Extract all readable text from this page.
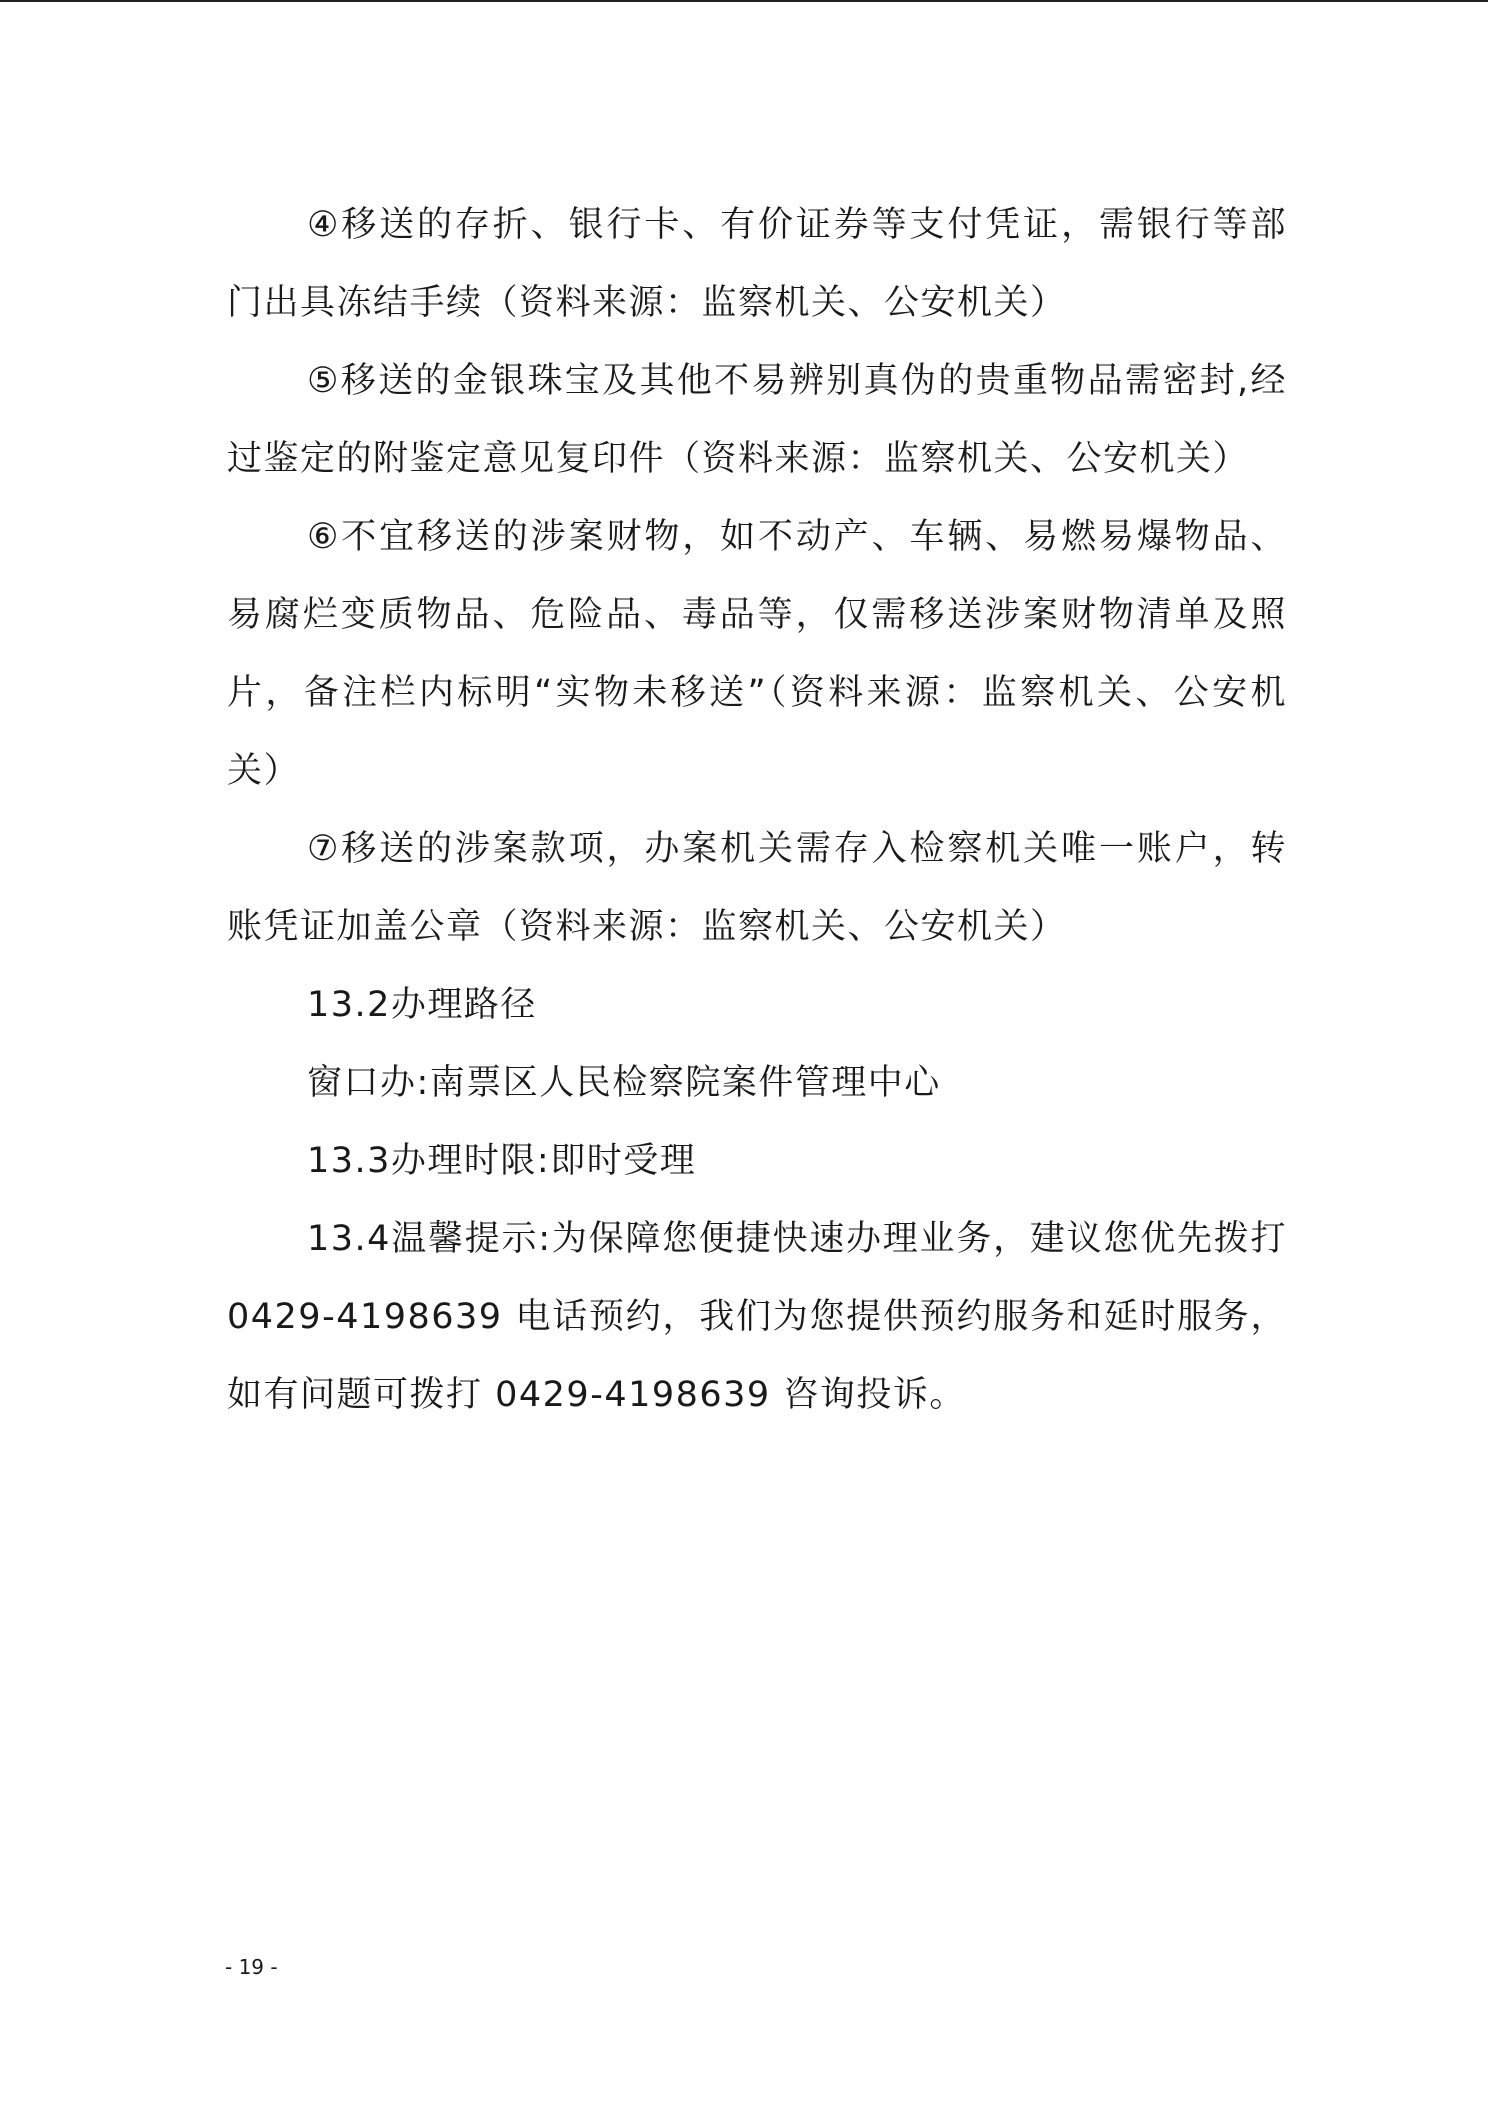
④移送的存折、银行卡、有价证券等支付凭证，需银行等部门出具冻结手续（资料来源：监察机关、公安机关）

⑤移送的金银珠宝及其他不易辨别真伪的贵重物品需密封,经过鉴定的附鉴定意见复印件（资料来源：监察机关、公安机关）

⑥不宜移送的涉案财物，如不动产、车辆、易燃易爆物品、易腐烂变质物品、危险品、毒品等，仅需移送涉案财物清单及照片，备注栏内标明“实物未移送”（资料来源：监察机关、公安机关）

⑦移送的涉案款项，办案机关需存入检察机关唯一账户，转账凭证加盖公章（资料来源：监察机关、公安机关）

13.2办理路径

窗口办:南票区人民检察院案件管理中心

13.3办理时限:即时受理

13.4温馨提示:为保障您便捷快速办理业务，建议您优先拨打 0429-4198639 电话预约，我们为您提供预约服务和延时服务，如有问题可拨打 0429-4198639 咨询投诉。

- 19 -
